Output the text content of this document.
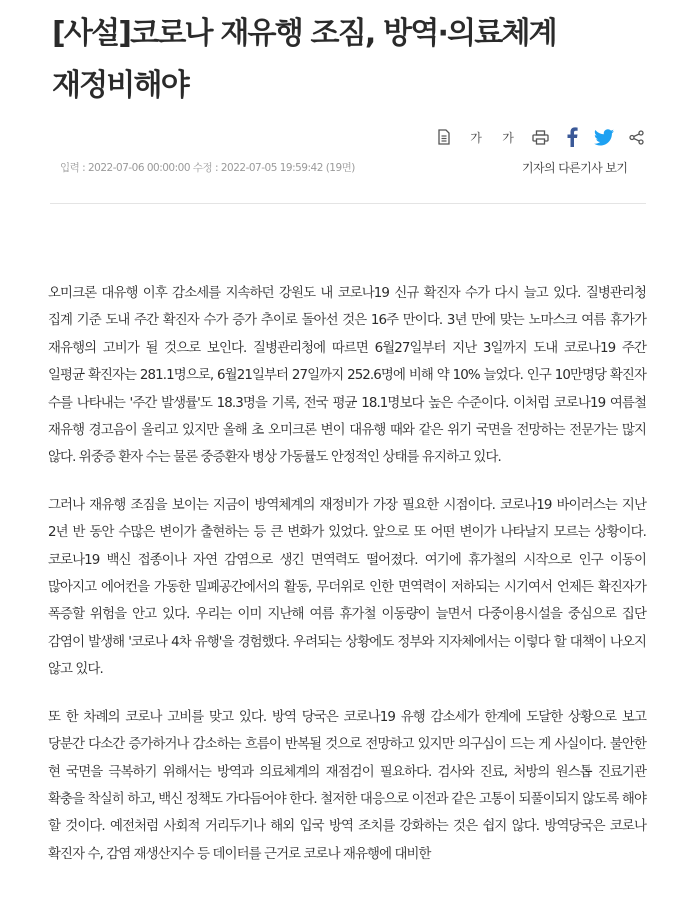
[사설]코로나 재유행 조짐, 방역·의료체계 재정비해야
가 가
입력 : 2022-07-06 00:00:00 수정 : 2022-07-05 19:59:42 (19면)	기자의 다른기사 보기

오미크론 대유행 이후 감소세를 지속하던 강원도 내 코로나19 신규 확진자 수가 다시 늘고 있다. 질병관리청 집계 기준 도내 주간 확진자 수가 증가 추이로 돌아선 것은 16주 만이다. 3년 만에 맞는 노마스크 여름 휴가가 재유행의 고비가 될 것으로 보인다. 질병관리청에 따르면 6월27일부터 지난 3일까지 도내 코로나19 주간 일평균 확진자는 281.1명으로, 6월21일부터 27일까지 252.6명에 비해 약 10% 늘었다. 인구 10만명당 확진자 수를 나타내는 '주간 발생률'도 18.3명을 기록, 전국 평균 18.1명보다 높은 수준이다. 이처럼 코로나19 여름철 재유행 경고음이 울리고 있지만 올해 초 오미크론 변이 대유행 때와 같은 위기 국면을 전망하는 전문가는 많지 않다. 위중증 환자 수는 물론 중증환자 병상 가동률도 안정적인 상태를 유지하고 있다.

그러나 재유행 조짐을 보이는 지금이 방역체계의 재정비가 가장 필요한 시점이다. 코로나19 바이러스는 지난 2년 반 동안 수많은 변이가 출현하는 등 큰 변화가 있었다. 앞으로 또 어떤 변이가 나타날지 모르는 상황이다. 코로나19 백신 접종이나 자연 감염으로 생긴 면역력도 떨어졌다. 여기에 휴가철의 시작으로 인구 이동이 많아지고 에어컨을 가동한 밀폐공간에서의 활동, 무더위로 인한 면역력이 저하되는 시기여서 언제든 확진자가 폭증할 위험을 안고 있다. 우리는 이미 지난해 여름 휴가철 이동량이 늘면서 다중이용시설을 중심으로 집단 감염이 발생해 '코로나 4차 유행'을 경험했다. 우려되는 상황에도 정부와 지자체에서는 이렇다 할 대책이 나오지 않고 있다.

또 한 차례의 코로나 고비를 맞고 있다. 방역 당국은 코로나19 유행 감소세가 한계에 도달한 상황으로 보고 당분간 다소간 증가하거나 감소하는 흐름이 반복될 것으로 전망하고 있지만 의구심이 드는 게 사실이다. 불안한 현 국면을 극복하기 위해서는 방역과 의료체계의 재점검이 필요하다. 검사와 진료, 처방의 원스톱 진료기관 확충을 착실히 하고, 백신 정책도 가다듬어야 한다. 철저한 대응으로 이전과 같은 고통이 되풀이되지 않도록 해야 할 것이다. 예전처럼 사회적 거리두기나 해외 입국 방역 조치를 강화하는 것은 쉽지 않다. 방역당국은 코로나 확진자 수, 감염 재생산지수 등 데이터를 근거로 코로나 재유행에 대비한
